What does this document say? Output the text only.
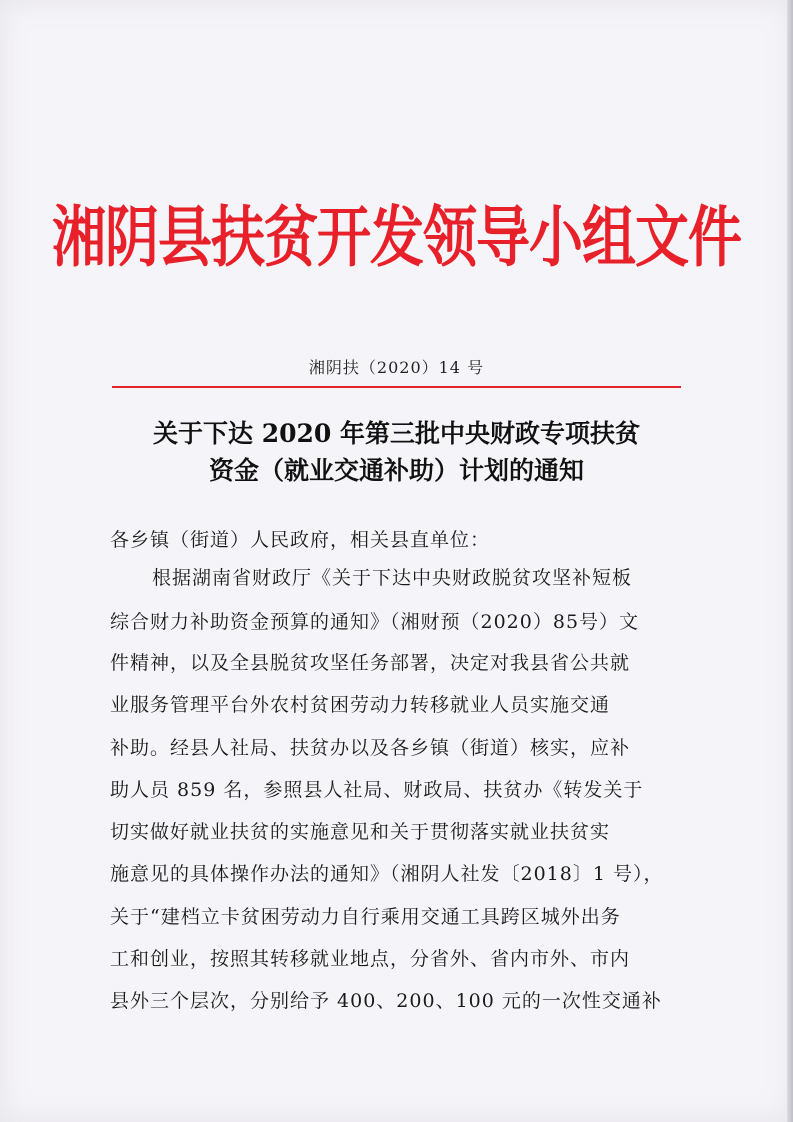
湘阴县扶贫开发领导小组文件
湘阴扶（2020）14 号
关于下达 2020 年第三批中央财政专项扶贫
资金（就业交通补助）计划的通知
各乡镇（街道）人民政府，相关县直单位：
根据湖南省财政厅《关于下达中央财政脱贫攻坚补短板
综合财力补助资金预算的通知》（湘财预（2020）85号）文
件精神，以及全县脱贫攻坚任务部署，决定对我县省公共就
业服务管理平台外农村贫困劳动力转移就业人员实施交通
补助。经县人社局、扶贫办以及各乡镇（街道）核实，应补
助人员 859 名，参照县人社局、财政局、扶贫办《转发关于
切实做好就业扶贫的实施意见和关于贯彻落实就业扶贫实
施意见的具体操作办法的通知》（湘阴人社发〔2018〕1 号），
关于“建档立卡贫困劳动力自行乘用交通工具跨区城外出务
工和创业，按照其转移就业地点，分省外、省内市外、市内
县外三个层次，分别给予 400、200、100 元的一次性交通补
